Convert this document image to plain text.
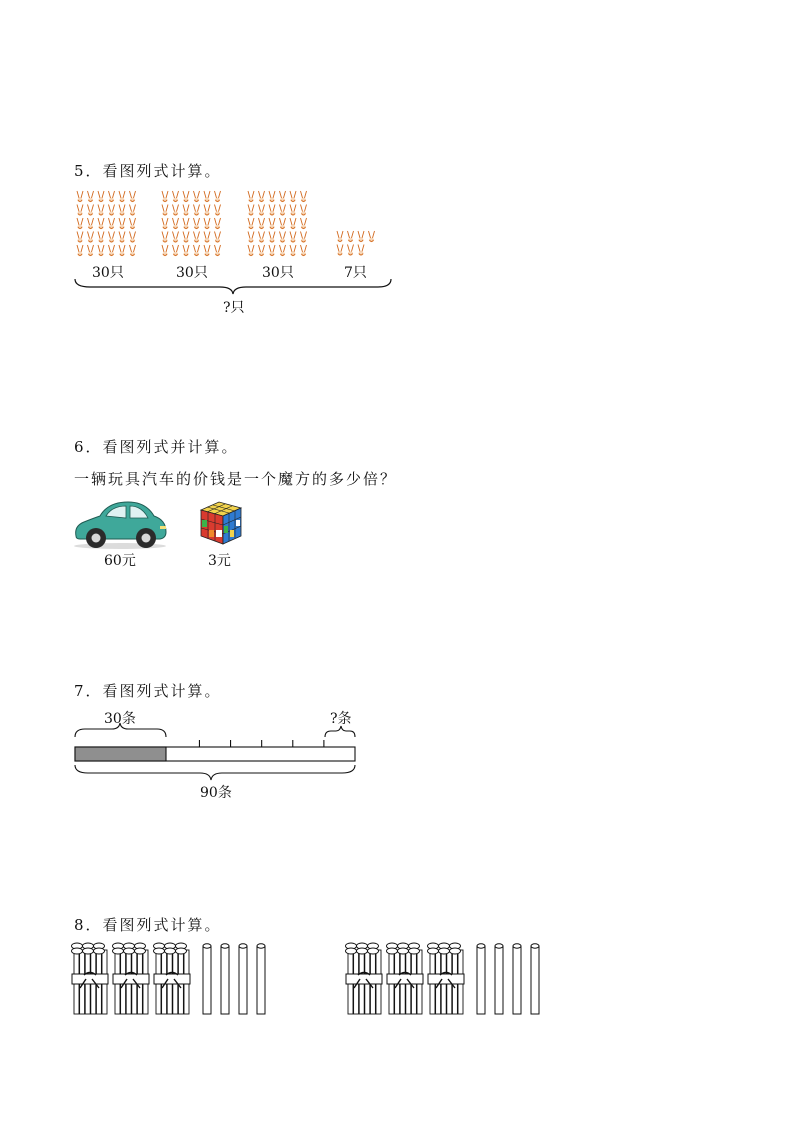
5．看图列式计算。
30只	30只	30只	7只
?只
6．看图列式并计算。
一辆玩具汽车的价钱是一个魔方的多少倍？
60元	3元
7．看图列式计算。
30条	?条
90条
8．看图列式计算。
